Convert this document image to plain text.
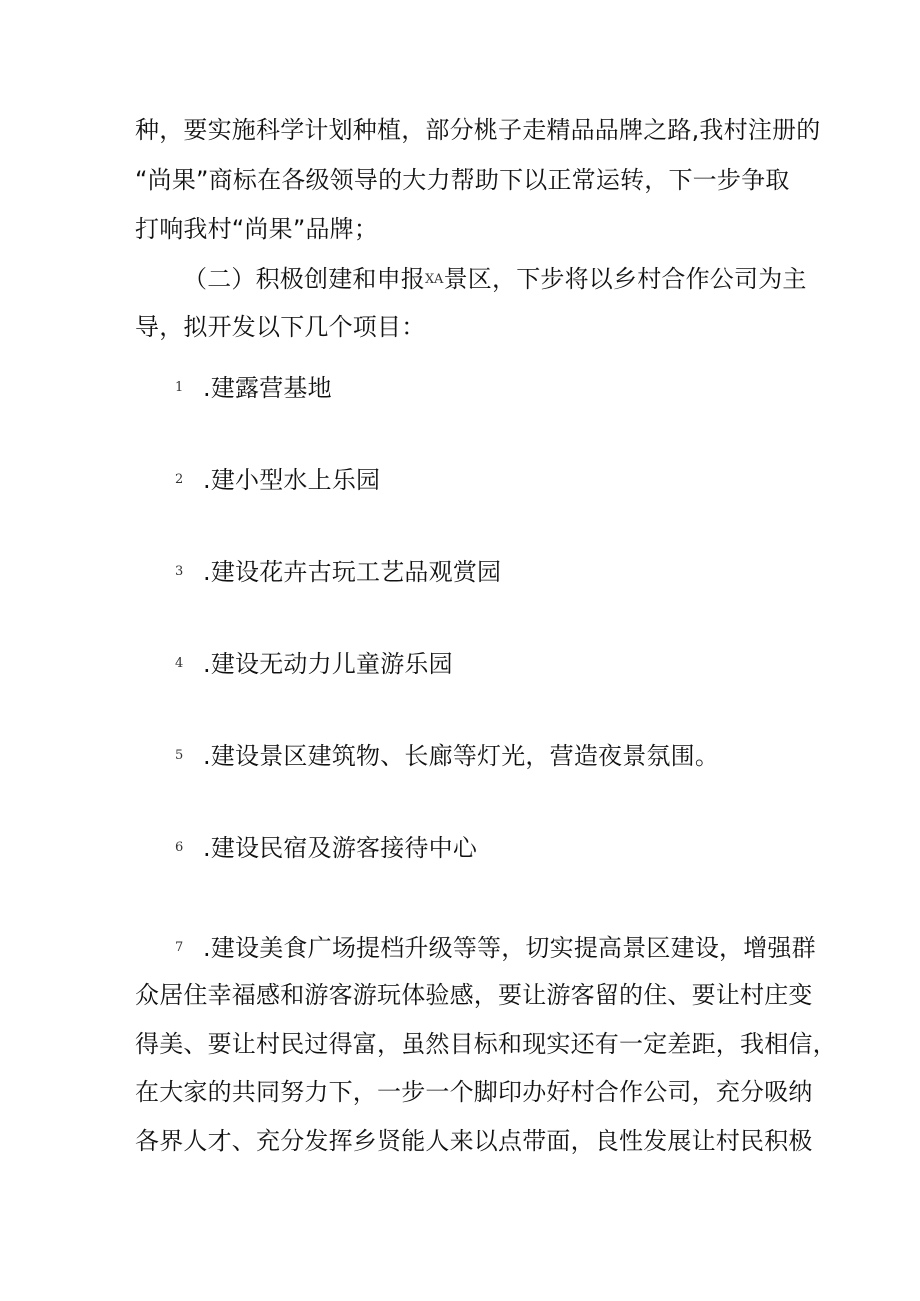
种，要实施科学计划种植，部分桃子走精品品牌之路,我村注册的
“尚果”商标在各级领导的大力帮助下以正常运转，下一步争取
打响我村“尚果”品牌；
（二）积极创建和申报XA景区，下步将以乡村合作公司为主
导，拟开发以下几个项目：
1 .建露营基地
2 .建小型水上乐园
3 .建设花卉古玩工艺品观赏园
4 .建设无动力儿童游乐园
5 .建设景区建筑物、长廊等灯光，营造夜景氛围。
6 .建设民宿及游客接待中心
7 .建设美食广场提档升级等等，切实提高景区建设，增强群
众居住幸福感和游客游玩体验感，要让游客留的住、要让村庄变
得美、要让村民过得富，虽然目标和现实还有一定差距，我相信，
在大家的共同努力下，一步一个脚印办好村合作公司，充分吸纳
各界人才、充分发挥乡贤能人来以点带面，良性发展让村民积极
